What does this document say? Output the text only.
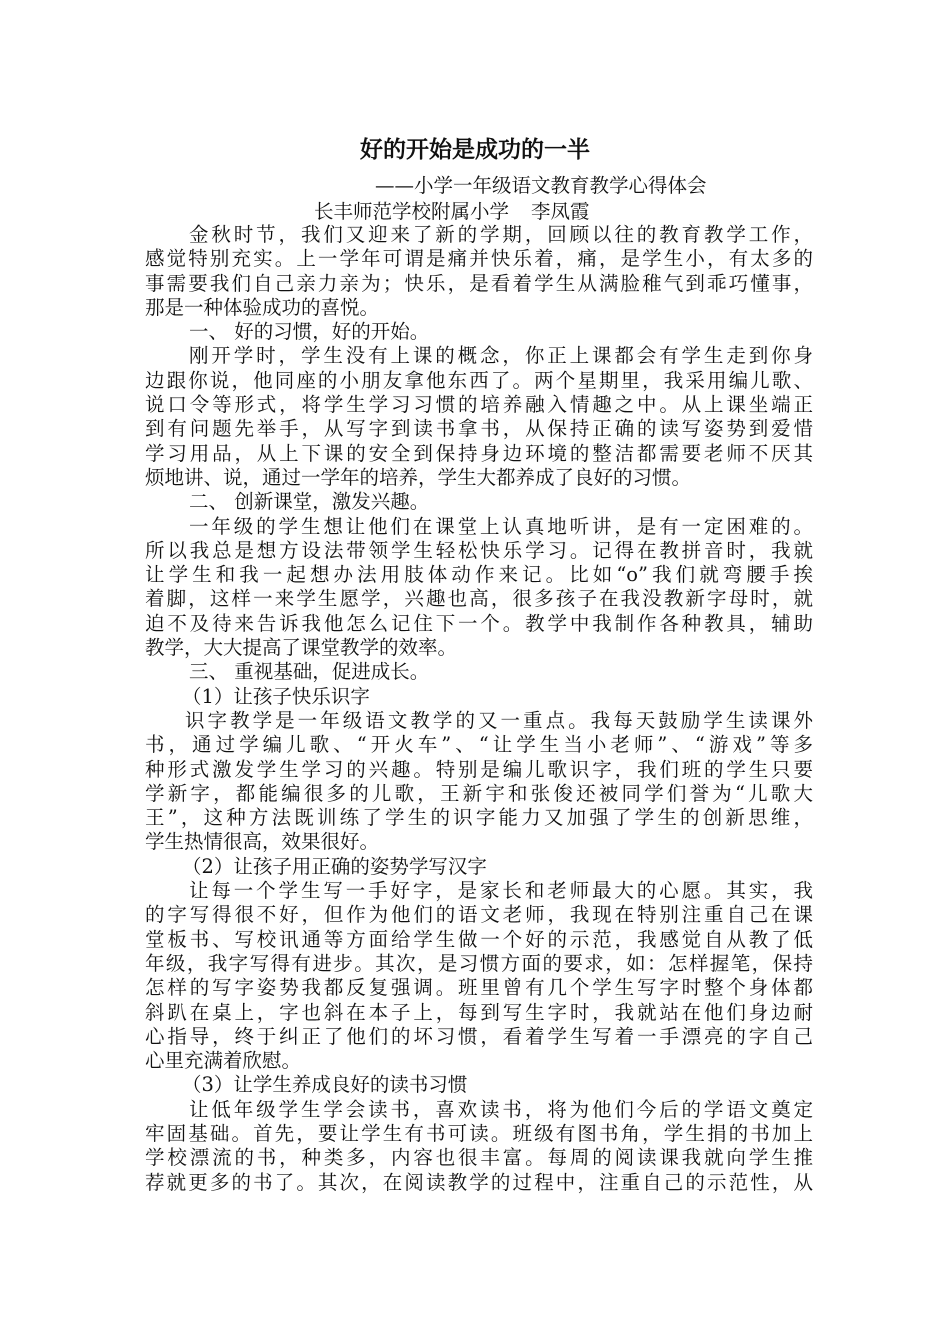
好的开始是成功的一半
——小学一年级语文教育教学心得体会
长丰师范学校附属小学 李凤霞
金秋时节，我们又迎来了新的学期，回顾以往的教育教学工作，
感觉特别充实。上一学年可谓是痛并快乐着，痛，是学生小，有太多的
事需要我们自己亲力亲为；快乐，是看着学生从满脸稚气到乖巧懂事，
那是一种体验成功的喜悦。
一、 好的习惯，好的开始。
刚开学时，学生没有上课的概念，你正上课都会有学生走到你身
边跟你说，他同座的小朋友拿他东西了。两个星期里，我采用编儿歌、
说口令等形式，将学生学习习惯的培养融入情趣之中。从上课坐端正
到有问题先举手，从写字到读书拿书，从保持正确的读写姿势到爱惜
学习用品，从上下课的安全到保持身边环境的整洁都需要老师不厌其
烦地讲、说，通过一学年的培养，学生大都养成了良好的习惯。
二、 创新课堂，激发兴趣。
一年级的学生想让他们在课堂上认真地听讲，是有一定困难的。
所以我总是想方设法带领学生轻松快乐学习。记得在教拼音时，我就
让学生和我一起想办法用肢体动作来记。比如“o”我们就弯腰手挨
着脚，这样一来学生愿学，兴趣也高，很多孩子在我没教新字母时，就
迫不及待来告诉我他怎么记住下一个。教学中我制作各种教具，辅助
教学，大大提高了课堂教学的效率。
三、 重视基础，促进成长。
（1）让孩子快乐识字
识字教学是一年级语文教学的又一重点。我每天鼓励学生读课外
书，通过学编儿歌、“开火车”、“让学生当小老师”、“游戏”等多
种形式激发学生学习的兴趣。特别是编儿歌识字，我们班的学生只要
学新字，都能编很多的儿歌，王新宇和张俊还被同学们誉为“儿歌大
王”，这种方法既训练了学生的识字能力又加强了学生的创新思维，
学生热情很高，效果很好。
（2）让孩子用正确的姿势学写汉字
让每一个学生写一手好字，是家长和老师最大的心愿。其实，我
的字写得很不好，但作为他们的语文老师，我现在特别注重自己在课
堂板书、写校讯通等方面给学生做一个好的示范，我感觉自从教了低
年级，我字写得有进步。其次，是习惯方面的要求，如：怎样握笔，保持
怎样的写字姿势我都反复强调。班里曾有几个学生写字时整个身体都
斜趴在桌上，字也斜在本子上，每到写生字时，我就站在他们身边耐
心指导，终于纠正了他们的坏习惯，看着学生写着一手漂亮的字自己
心里充满着欣慰。
（3）让学生养成良好的读书习惯
让低年级学生学会读书，喜欢读书，将为他们今后的学语文奠定
牢固基础。首先，要让学生有书可读。班级有图书角，学生捐的书加上
学校漂流的书，种类多，内容也很丰富。每周的阅读课我就向学生推
荐就更多的书了。其次，在阅读教学的过程中，注重自己的示范性，从
